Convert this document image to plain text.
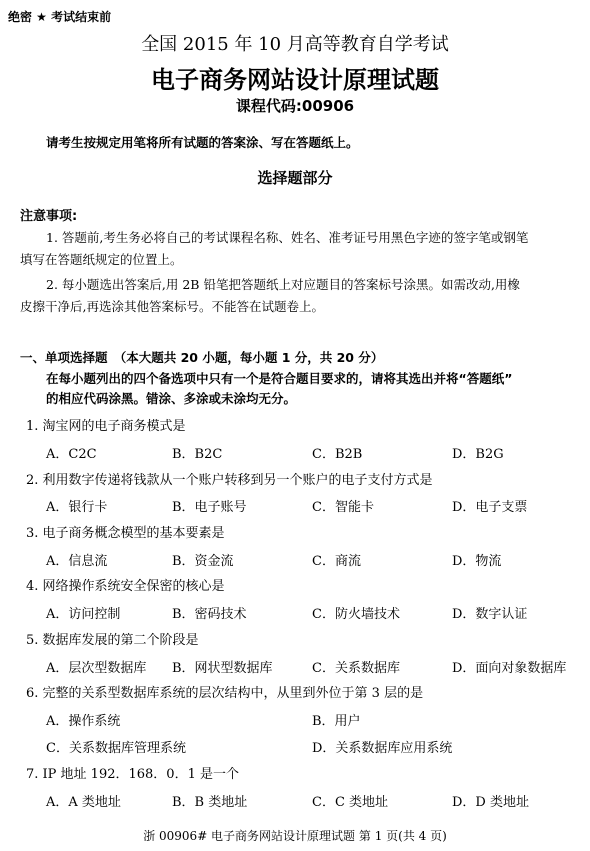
绝密 ★ 考试结束前
全国 2015 年 10 月高等教育自学考试
电子商务网站设计原理试题
课程代码:00906
请考生按规定用笔将所有试题的答案涂、写在答题纸上。
选择题部分
注意事项:
1. 答题前,考生务必将自己的考试课程名称、姓名、准考证号用黑色字迹的签字笔或钢笔
填写在答题纸规定的位置上。
2. 每小题选出答案后,用 2B 铅笔把答题纸上对应题目的答案标号涂黑。如需改动,用橡
皮擦干净后,再选涂其他答案标号。不能答在试题卷上。
一、单项选择题　（本大题共 20 小题，每小题 1 分，共 20 分）
在每小题列出的四个备选项中只有一个是符合题目要求的，请将其选出并将“答题纸”
的相应代码涂黑。错涂、多涂或未涂均无分。
1. 淘宝网的电子商务模式是
A．C2C	B．B2C	C．B2B	D．B2G
2. 利用数字传递将钱款从一个账户转移到另一个账户的电子支付方式是
A．银行卡	B．电子账号	C．智能卡	D．电子支票
3. 电子商务概念模型的基本要素是
A．信息流	B．资金流	C．商流	D．物流
4. 网络操作系统安全保密的核心是
A．访问控制	B．密码技术	C．防火墙技术	D．数字认证
5. 数据库发展的第二个阶段是
A．层次型数据库 B．网状型数据库	C．关系数据库	D．面向对象数据库
6. 完整的关系型数据库系统的层次结构中，从里到外位于第 3 层的是
A．操作系统	B．用户
C．关系数据库管理系统	D．关系数据库应用系统
7. IP 地址 192．168．0．1 是一个
A．A 类地址	B．B 类地址	C．C 类地址	D．D 类地址
浙 00906# 电子商务网站设计原理试题 第 1 页(共 4 页)
